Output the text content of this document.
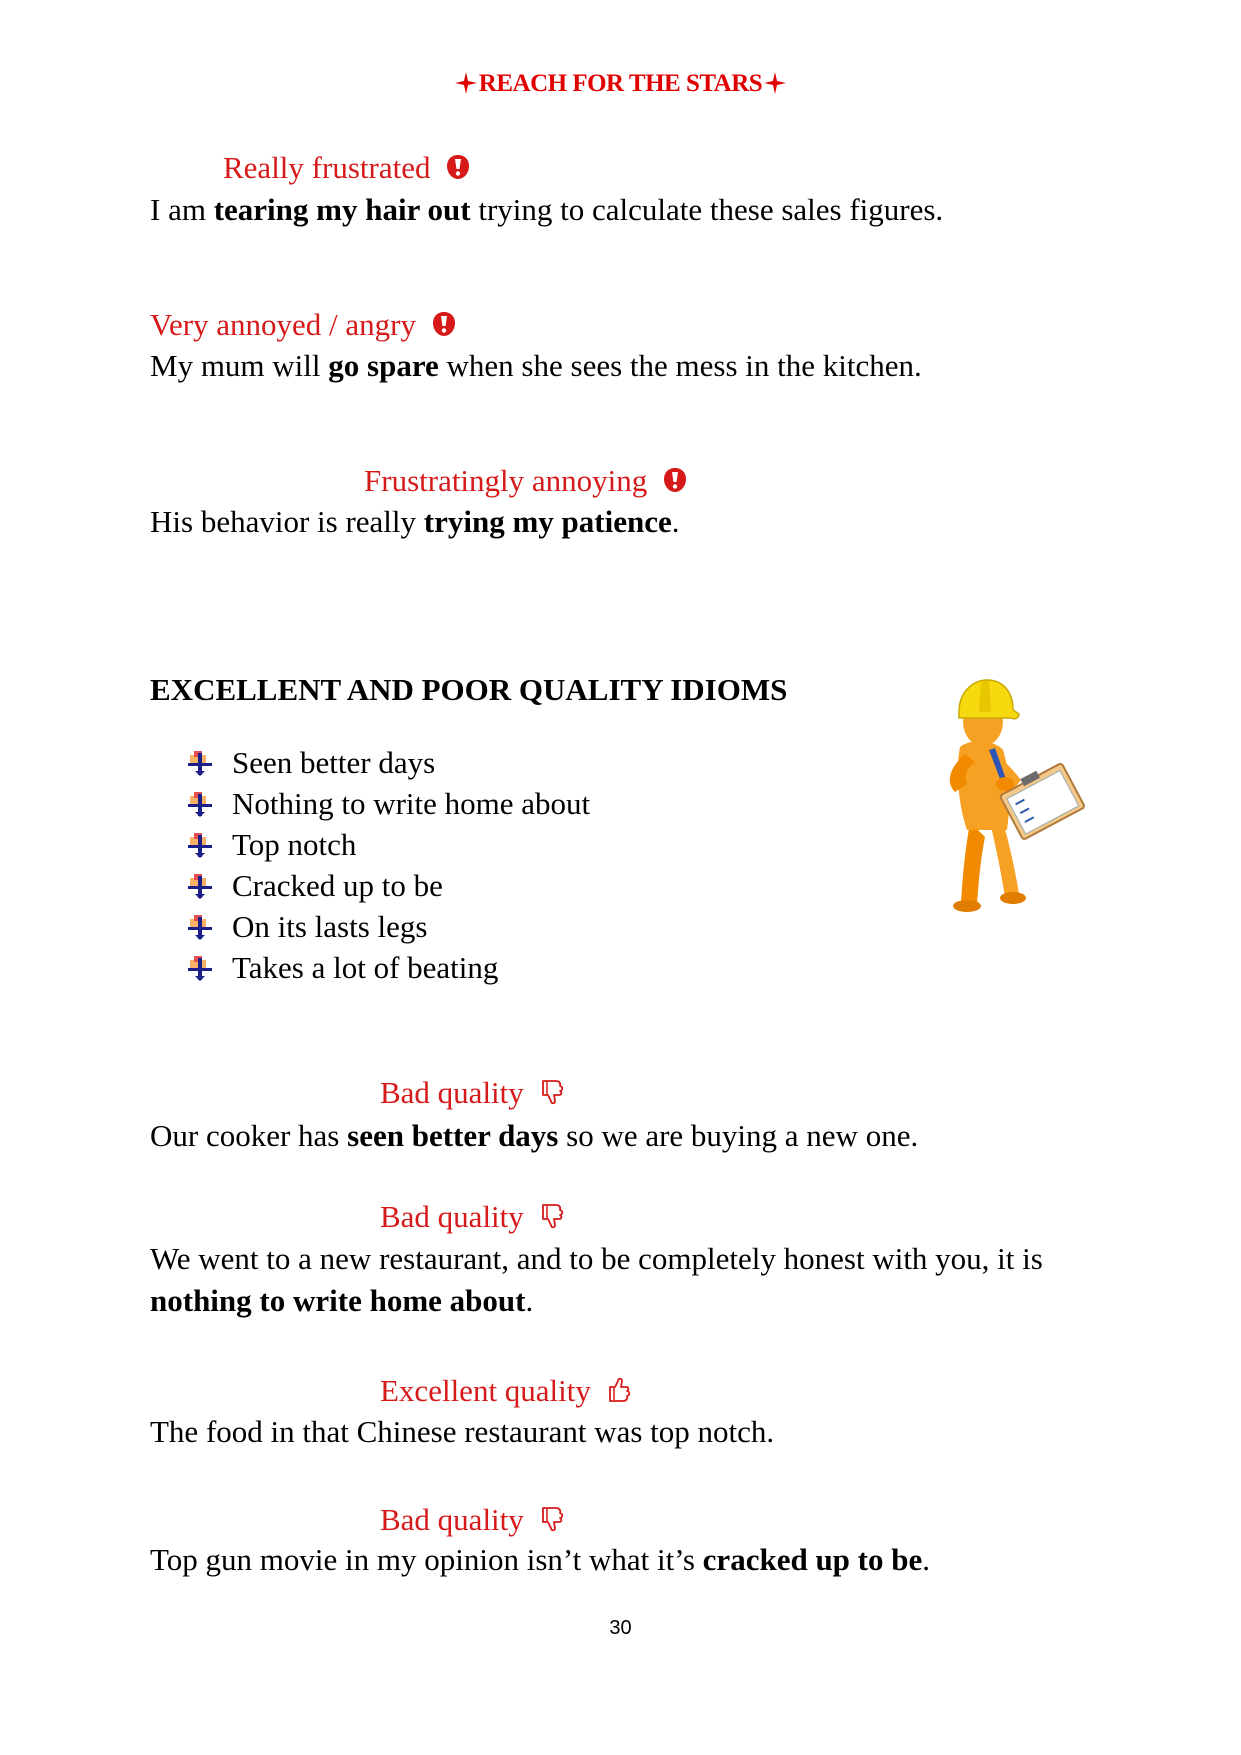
REACH FOR THE STARS
Really frustrated
I am tearing my hair out trying to calculate these sales figures.
Very annoyed / angry
My mum will go spare when she sees the mess in the kitchen.
Frustratingly annoying
His behavior is really trying my patience.
EXCELLENT AND POOR QUALITY IDIOMS
Seen better days
Nothing to write home about
Top notch
Cracked up to be
On its lasts legs
Takes a lot of beating
Bad quality
Our cooker has seen better days so we are buying a new one.
Bad quality
We went to a new restaurant, and to be completely honest with you, it is nothing to write home about.
Excellent quality
The food in that Chinese restaurant was top notch.
Bad quality
Top gun movie in my opinion isn’t what it’s cracked up to be.
30
